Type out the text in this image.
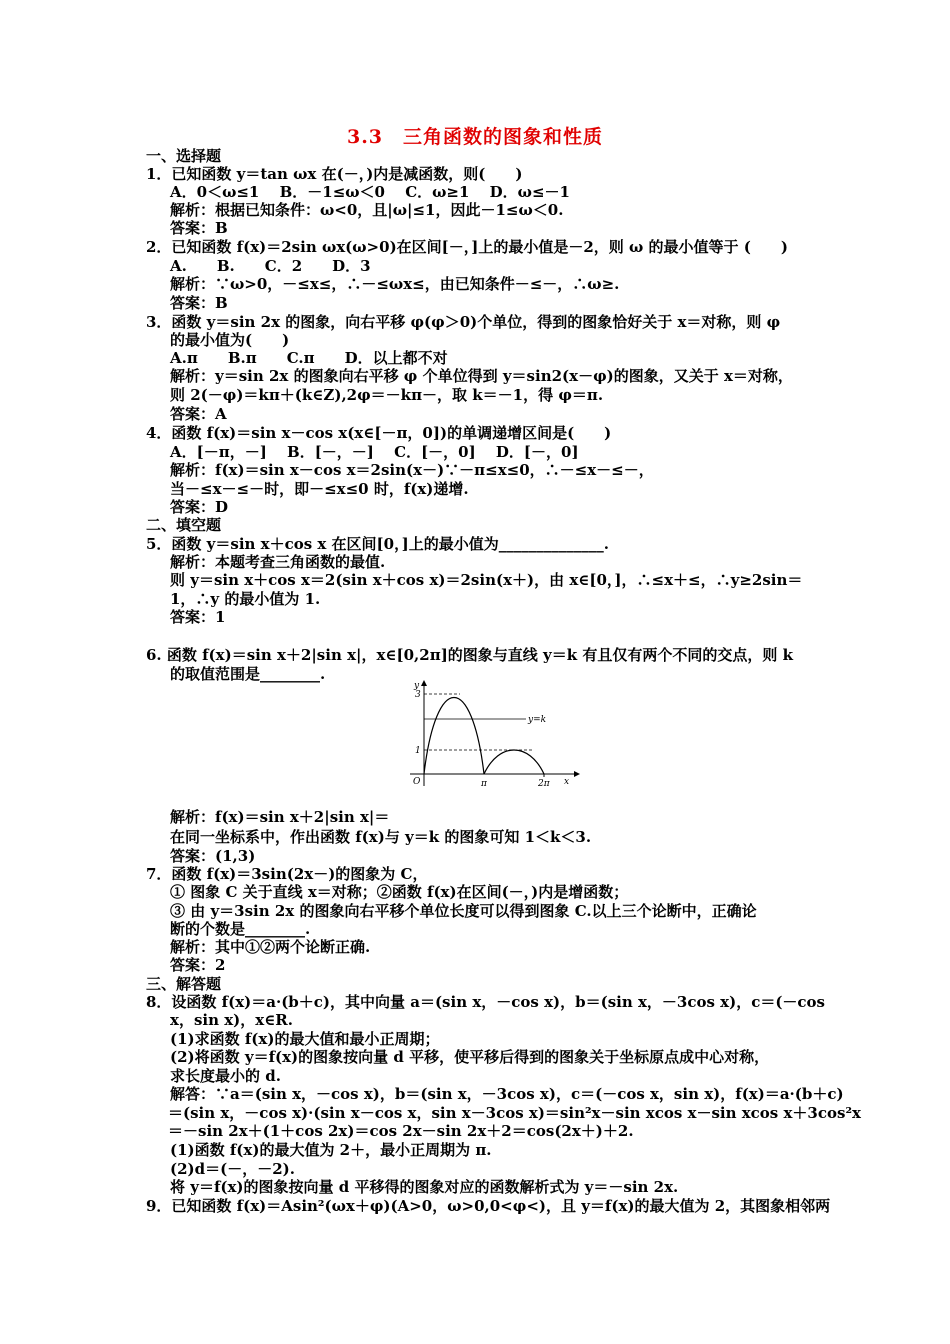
3.3　三角函数的图象和性质
一、选择题
1．已知函数 y＝tan ωx 在(－，)内是减函数，则(　　)
A．0＜ω≤1　 B．－1≤ω＜0　 C．ω≥1　 D．ω≤－1
解析：根据已知条件：ω<0，且|ω|≤1，因此－1≤ω＜0.
答案：B
2．已知函数 f(x)＝2sin ωx(ω>0)在区间[－，]上的最小值是－2，则 ω 的最小值等于 (　　)
A.　　B.　　C．2　　D．3
解析：∵ω>0，－≤x≤，∴－≤ωx≤，由已知条件－≤－，∴ω≥.
答案：B
3．函数 y＝sin 2x 的图象，向右平移 φ(φ＞0)个单位，得到的图象恰好关于 x＝对称，则 φ
的最小值为(　　)
A.π　　B.π　　C.π　　D．以上都不对
解析：y＝sin 2x 的图象向右平移 φ 个单位得到 y＝sin2(x－φ)的图象，又关于 x＝对称，
则 2(－φ)＝kπ＋(k∈Z),2φ＝－kπ－，取 k＝－1，得 φ＝π.
答案：A
4．函数 f(x)＝sin x－cos x(x∈[－π，0])的单调递增区间是(　　)
A．[－π，－]　 B．[－，－]　 C．[－，0]　 D．[－，0]
解析：f(x)＝sin x－cos x＝2sin(x－)∵－π≤x≤0，∴－≤x－≤－，
当－≤x－≤－时，即－≤x≤0 时，f(x)递增.
答案：D
二、填空题
5．函数 y＝sin x＋cos x 在区间[0，]上的最小值为______________.
解析：本题考查三角函数的最值.
则 y＝sin x＋cos x＝2(sin x＋cos x)＝2sin(x＋)，由 x∈[0，]，∴≤x＋≤，∴y≥2sin＝
1，∴y 的最小值为 1.
答案：1
6. 函数 f(x)＝sin x＋2|sin x|，x∈[0,2π]的图象与直线 y＝k 有且仅有两个不同的交点，则 k
的取值范围是________.
解析：f(x)＝sin x＋2|sin x|＝
在同一坐标系中，作出函数 f(x)与 y＝k 的图象可知 1＜k＜3.
答案：(1,3)
7．函数 f(x)＝3sin(2x－)的图象为 C，
① 图象 C 关于直线 x＝对称；②函数 f(x)在区间(－，)内是增函数；
③ 由 y＝3sin 2x 的图象向右平移个单位长度可以得到图象 C.以上三个论断中，正确论
断的个数是________.
解析：其中①②两个论断正确.
答案：2
三、解答题
8．设函数 f(x)＝a·(b＋c)，其中向量 a＝(sin x，－cos x)，b＝(sin x，－3cos x)，c＝(－cos
x，sin x)，x∈R.
(1)求函数 f(x)的最大值和最小正周期；
(2)将函数 y＝f(x)的图象按向量 d 平移，使平移后得到的图象关于坐标原点成中心对称，
求长度最小的 d.
解答：∵a＝(sin x，－cos x)，b＝(sin x，－3cos x)，c＝(－cos x，sin x)，f(x)＝a·(b＋c)
＝(sin x，－cos x)·(sin x－cos x，sin x－3cos x)＝sin²x－sin xcos x－sin xcos x＋3cos²x
＝－sin 2x＋(1＋cos 2x)＝cos 2x－sin 2x＋2＝cos(2x＋)＋2.
(1)函数 f(x)的最大值为 2＋，最小正周期为 π.
(2)d＝(－，－2).
将 y＝f(x)的图象按向量 d 平移得的图象对应的函数解析式为 y＝－sin 2x.
9．已知函数 f(x)＝Asin²(ωx＋φ)(A>0，ω>0,0<φ<)，且 y＝f(x)的最大值为 2，其图象相邻两
y
3
1
O	π	2π x
y=k
